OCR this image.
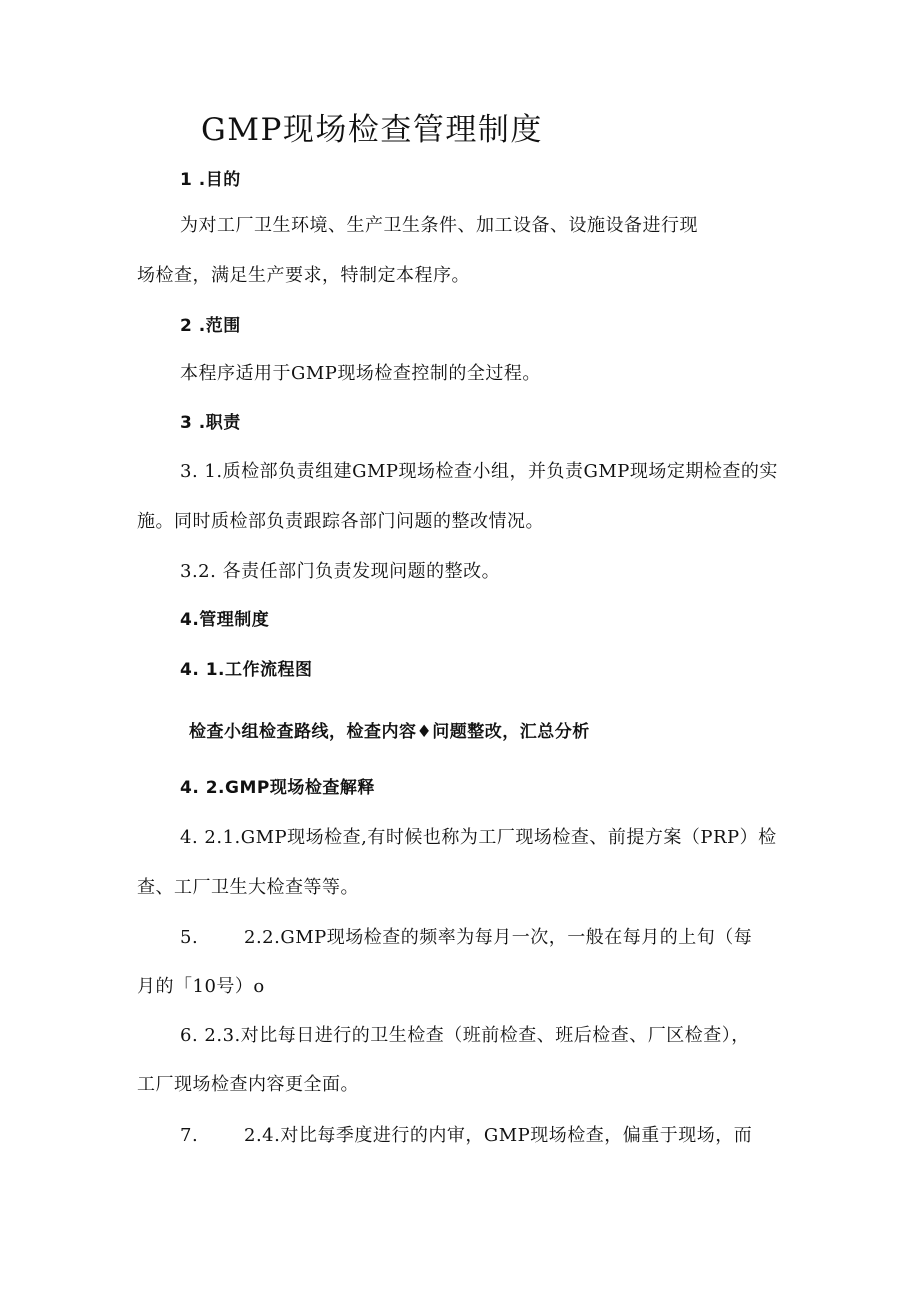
GMP现场检查管理制度
1 .目的
为对工厂卫生环境、生产卫生条件、加工设备、设施设备进行现
场检查，满足生产要求，特制定本程序。
2 .范围
本程序适用于GMP现场检查控制的全过程。
3 .职责
3. 1.质检部负责组建GMP现场检查小组，并负责GMP现场定期检查的实
施。同时质检部负责跟踪各部门问题的整改情况。
3.2. 各责任部门负责发现问题的整改。
4.管理制度
4. 1.工作流程图
检查小组检查路线，检查内容♦问题整改，汇总分析
4. 2.GMP现场检查解释
4. 2.1.GMP现场检查,有时候也称为工厂现场检查、前提方案（PRP）检
查、工厂卫生大检查等等。
5.	2.2.GMP现场检查的频率为每月一次，一般在每月的上旬（每
月的「10号）o
6. 2.3.对比每日进行的卫生检查（班前检查、班后检查、厂区检查），
工厂现场检查内容更全面。
7.	2.4.对比每季度进行的内审，GMP现场检查，偏重于现场，而
